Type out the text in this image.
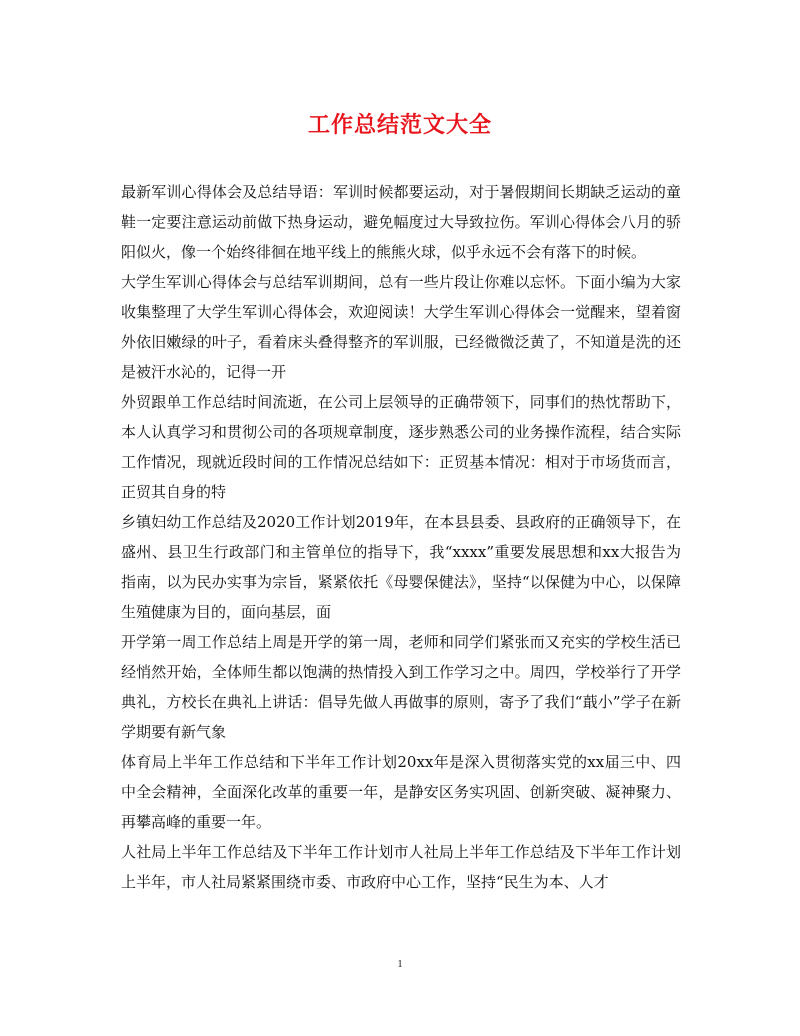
工作总结范文大全

最新军训心得体会及总结导语：军训时候都要运动，对于暑假期间长期缺乏运动的童鞋一定要注意运动前做下热身运动，避免幅度过大导致拉伤。军训心得体会八月的骄阳似火，像一个始终徘徊在地平线上的熊熊火球，似乎永远不会有落下的时候。

大学生军训心得体会与总结军训期间，总有一些片段让你难以忘怀。下面小编为大家收集整理了大学生军训心得体会，欢迎阅读！大学生军训心得体会一觉醒来，望着窗外依旧嫩绿的叶子，看着床头叠得整齐的军训服，已经微微泛黄了，不知道是洗的还是被汗水沁的，记得一开

外贸跟单工作总结时间流逝，在公司上层领导的正确带领下，同事们的热忱帮助下，本人认真学习和贯彻公司的各项规章制度，逐步熟悉公司的业务操作流程，结合实际工作情况，现就近段时间的工作情况总结如下：正贸基本情况：相对于市场货而言，正贸其自身的特

乡镇妇幼工作总结及2020工作计划2019年，在本县县委、县政府的正确领导下，在盛州、县卫生行政部门和主管单位的指导下，我“xxxx”重要发展思想和xx大报告为指南，以为民办实事为宗旨，紧紧依托《母婴保健法》，坚持“以保健为中心，以保障生殖健康为目的，面向基层，面

开学第一周工作总结上周是开学的第一周，老师和同学们紧张而又充实的学校生活已经悄然开始，全体师生都以饱满的热情投入到工作学习之中。周四，学校举行了开学典礼，方校长在典礼上讲话：倡导先做人再做事的原则，寄予了我们“蕺小”学子在新学期要有新气象

体育局上半年工作总结和下半年工作计划20xx年是深入贯彻落实党的xx届三中、四中全会精神，全面深化改革的重要一年，是静安区务实巩固、创新突破、凝神聚力、再攀高峰的重要一年。

人社局上半年工作总结及下半年工作计划市人社局上半年工作总结及下半年工作计划上半年，市人社局紧紧围绕市委、市政府中心工作，坚持“民生为本、人才

1
